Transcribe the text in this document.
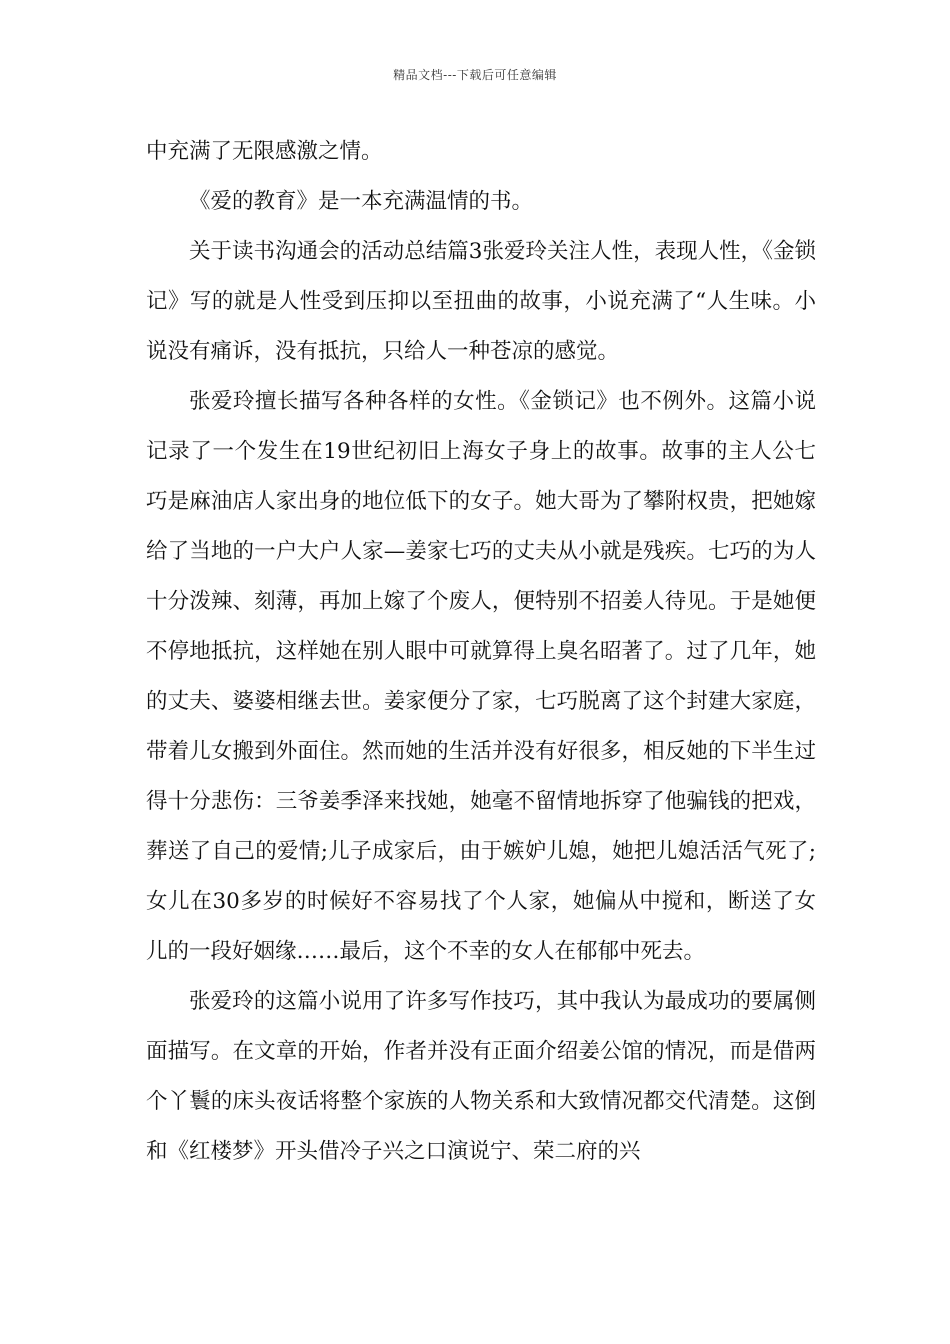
精品文档---下载后可任意编辑

中充满了无限感激之情。

《爱的教育》是一本充满温情的书。

关于读书沟通会的活动总结篇3张爱玲关注人性，表现人性，《金锁记》写的就是人性受到压抑以至扭曲的故事，小说充满了“人生味。小说没有痛诉，没有抵抗，只给人一种苍凉的感觉。

张爱玲擅长描写各种各样的女性。《金锁记》也不例外。这篇小说记录了一个发生在19世纪初旧上海女子身上的故事。故事的主人公七巧是麻油店人家出身的地位低下的女子。她大哥为了攀附权贵，把她嫁给了当地的一户大户人家—姜家七巧的丈夫从小就是残疾。七巧的为人十分泼辣、刻薄，再加上嫁了个废人，便特别不招姜人待见。于是她便不停地抵抗，这样她在别人眼中可就算得上臭名昭著了。过了几年，她的丈夫、婆婆相继去世。姜家便分了家，七巧脱离了这个封建大家庭，带着儿女搬到外面住。然而她的生活并没有好很多，相反她的下半生过得十分悲伤：三爷姜季泽来找她，她毫不留情地拆穿了他骗钱的把戏，葬送了自己的爱情;儿子成家后，由于嫉妒儿媳，她把儿媳活活气死了;女儿在30多岁的时候好不容易找了个人家，她偏从中搅和，断送了女儿的一段好姻缘……最后，这个不幸的女人在郁郁中死去。

张爱玲的这篇小说用了许多写作技巧，其中我认为最成功的要属侧面描写。在文章的开始，作者并没有正面介绍姜公馆的情况，而是借两个丫鬟的床头夜话将整个家族的人物关系和大致情况都交代清楚。这倒和《红楼梦》开头借冷子兴之口演说宁、荣二府的兴
